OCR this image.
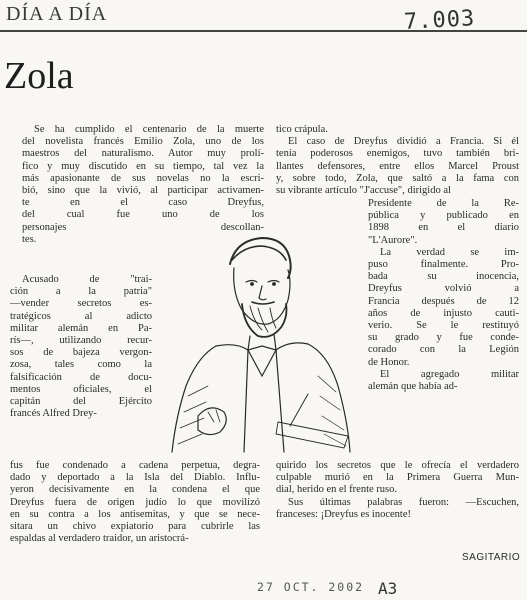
DÍA A DÍA	7.003
Zola
Se ha cumplido el centenario de la muerte
del novelista francés Emilio Zola, uno de los
maestros del naturalismo. Autor muy prolí-
fico y muy discutido en su tiempo, tal vez la
más apasionante de sus novelas no la escri-
bió, sino que la vivió, al participar activamen-
te en el caso Dreyfus,
del cual fue uno de los
personajes descollan-
tes.
Acusado de "trai-
ción a la patria"
—vender secretos es-
tratégicos al adicto
militar alemán en Pa-
rís—, utilizando recur-
sos de bajeza vergon-
zosa, tales como la
falsificación de docu-
mentos oficiales, el
capitán del Ejército
francés Alfred Drey-
fus fue condenado a cadena perpetua, degra-
dado y deportado a la Isla del Diablo. Influ-
yeron decisivamente en la condena el que
Dreyfus fuera de origen judío lo que movilizó
en su contra a los antisemitas, y que se nece-
sitara un chivo expiatorio para cubrirle las
espaldas al verdadero traidor, un aristocrá-
tico crápula.
El caso de Dreyfus dividió a Francia. Si él
tenía poderosos enemigos, tuvo también bri-
llantes defensores, entre ellos Marcel Proust
y, sobre todo, Zola, que saltó a la fama con
su vibrante artículo "J'accuse", dirigido al
Presidente de la Re-
pública y publicado en
1898 en el diario
"L'Aurore".
La verdad se im-
puso finalmente. Pro-
bada su inocencia,
Dreyfus volvió a
Francia después de 12
años de injusto cauti-
verio. Se le restituyó
su grado y fue conde-
corado con la Legión
de Honor.
El agregado militar
alemán que había ad-
quirido los secretos que le ofrecía el verdadero
culpable murió en la Primera Guerra Mun-
dial, herido en el frente ruso.
Sus últimas palabras fueron: —Escuchen,
franceses: ¡Dreyfus es inocente!
SAGITARIO
27 OCT. 2002 A3
